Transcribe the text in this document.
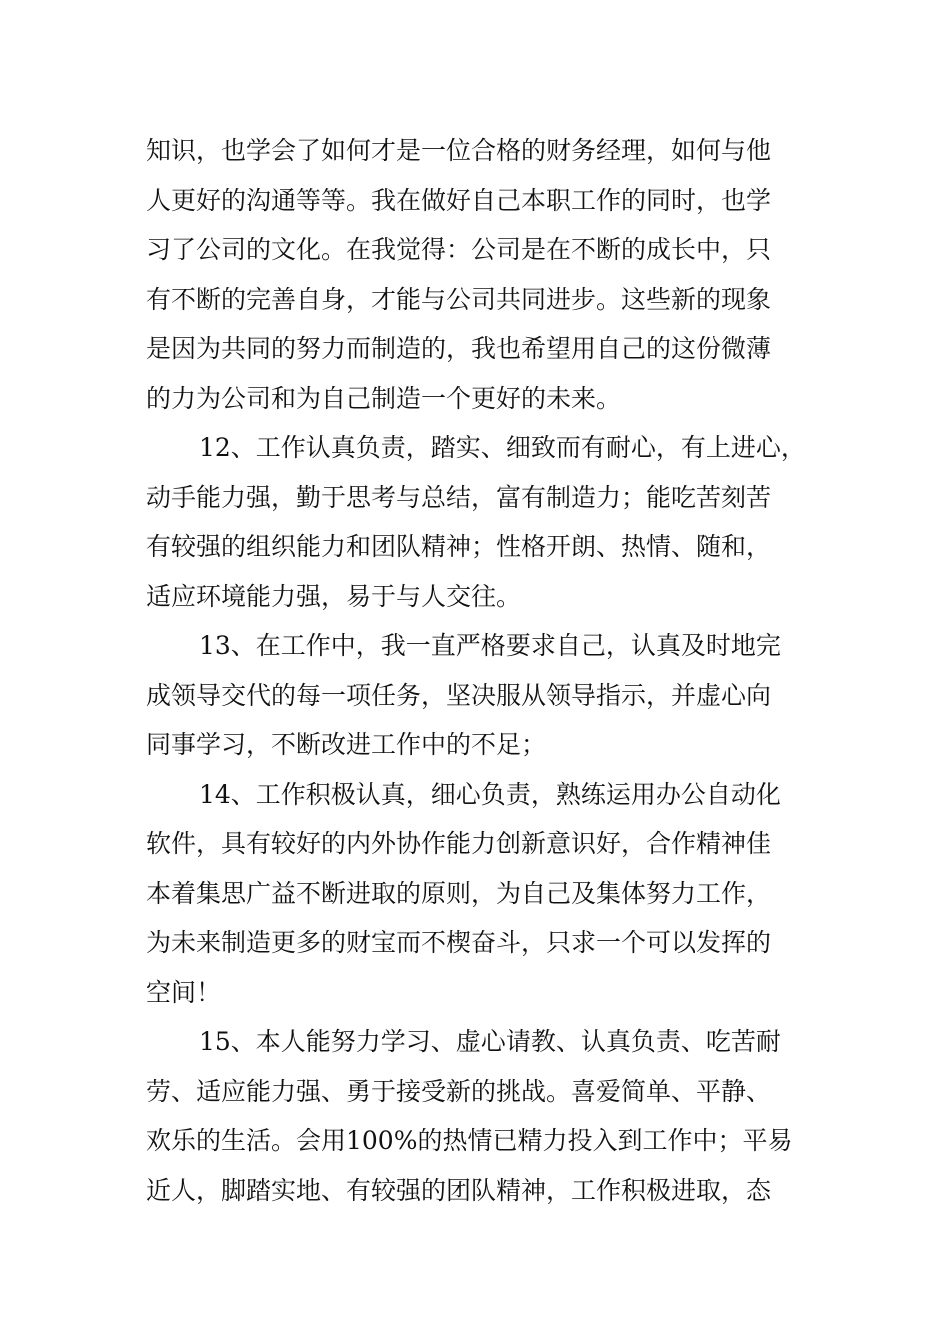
知识，也学会了如何才是一位合格的财务经理，如何与他
人更好的沟通等等。我在做好自己本职工作的同时，也学
习了公司的文化。在我觉得：公司是在不断的成长中，只
有不断的完善自身，才能与公司共同进步。这些新的现象
是因为共同的努力而制造的，我也希望用自己的这份微薄
的力为公司和为自己制造一个更好的未来。
12、工作认真负责，踏实、细致而有耐心，有上进心，
动手能力强，勤于思考与总结，富有制造力；能吃苦刻苦
有较强的组织能力和团队精神；性格开朗、热情、随和，
适应环境能力强，易于与人交往。
13、在工作中，我一直严格要求自己，认真及时地完
成领导交代的每一项任务，坚决服从领导指示，并虚心向
同事学习，不断改进工作中的不足；
14、工作积极认真，细心负责，熟练运用办公自动化
软件，具有较好的内外协作能力创新意识好，合作精神佳
本着集思广益不断进取的原则，为自己及集体努力工作，
为未来制造更多的财宝而不楔奋斗，只求一个可以发挥的
空间！
15、本人能努力学习、虚心请教、认真负责、吃苦耐
劳、适应能力强、勇于接受新的挑战。喜爱简单、平静、
欢乐的生活。会用100%的热情已精力投入到工作中；平易
近人，脚踏实地、有较强的团队精神，工作积极进取，态
